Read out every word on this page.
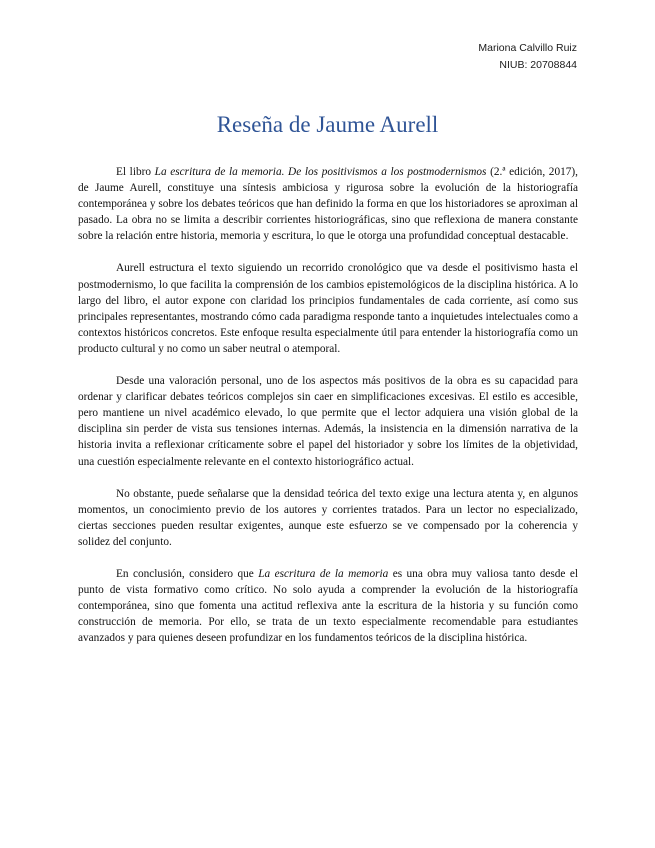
Mariona Calvillo Ruiz
NIUB: 20708844
Reseña de Jaume Aurell

El libro La escritura de la memoria. De los positivismos a los postmodernismos (2.ª edición, 2017), de Jaume Aurell, constituye una síntesis ambiciosa y rigurosa sobre la evolución de la historiografía contemporánea y sobre los debates teóricos que han definido la forma en que los historiadores se aproximan al pasado. La obra no se limita a describir corrientes historiográficas, sino que reflexiona de manera constante sobre la relación entre historia, memoria y escritura, lo que le otorga una profundidad conceptual destacable.

Aurell estructura el texto siguiendo un recorrido cronológico que va desde el positivismo hasta el postmodernismo, lo que facilita la comprensión de los cambios epistemológicos de la disciplina histórica. A lo largo del libro, el autor expone con claridad los principios fundamentales de cada corriente, así como sus principales representantes, mostrando cómo cada paradigma responde tanto a inquietudes intelectuales como a contextos históricos concretos. Este enfoque resulta especialmente útil para entender la historiografía como un producto cultural y no como un saber neutral o atemporal.

Desde una valoración personal, uno de los aspectos más positivos de la obra es su capacidad para ordenar y clarificar debates teóricos complejos sin caer en simplificaciones excesivas. El estilo es accesible, pero mantiene un nivel académico elevado, lo que permite que el lector adquiera una visión global de la disciplina sin perder de vista sus tensiones internas. Además, la insistencia en la dimensión narrativa de la historia invita a reflexionar críticamente sobre el papel del historiador y sobre los límites de la objetividad, una cuestión especialmente relevante en el contexto historiográfico actual.

No obstante, puede señalarse que la densidad teórica del texto exige una lectura atenta y, en algunos momentos, un conocimiento previo de los autores y corrientes tratados. Para un lector no especializado, ciertas secciones pueden resultar exigentes, aunque este esfuerzo se ve compensado por la coherencia y solidez del conjunto.

En conclusión, considero que La escritura de la memoria es una obra muy valiosa tanto desde el punto de vista formativo como crítico. No solo ayuda a comprender la evolución de la historiografía contemporánea, sino que fomenta una actitud reflexiva ante la escritura de la historia y su función como construcción de memoria. Por ello, se trata de un texto especialmente recomendable para estudiantes avanzados y para quienes deseen profundizar en los fundamentos teóricos de la disciplina histórica.
